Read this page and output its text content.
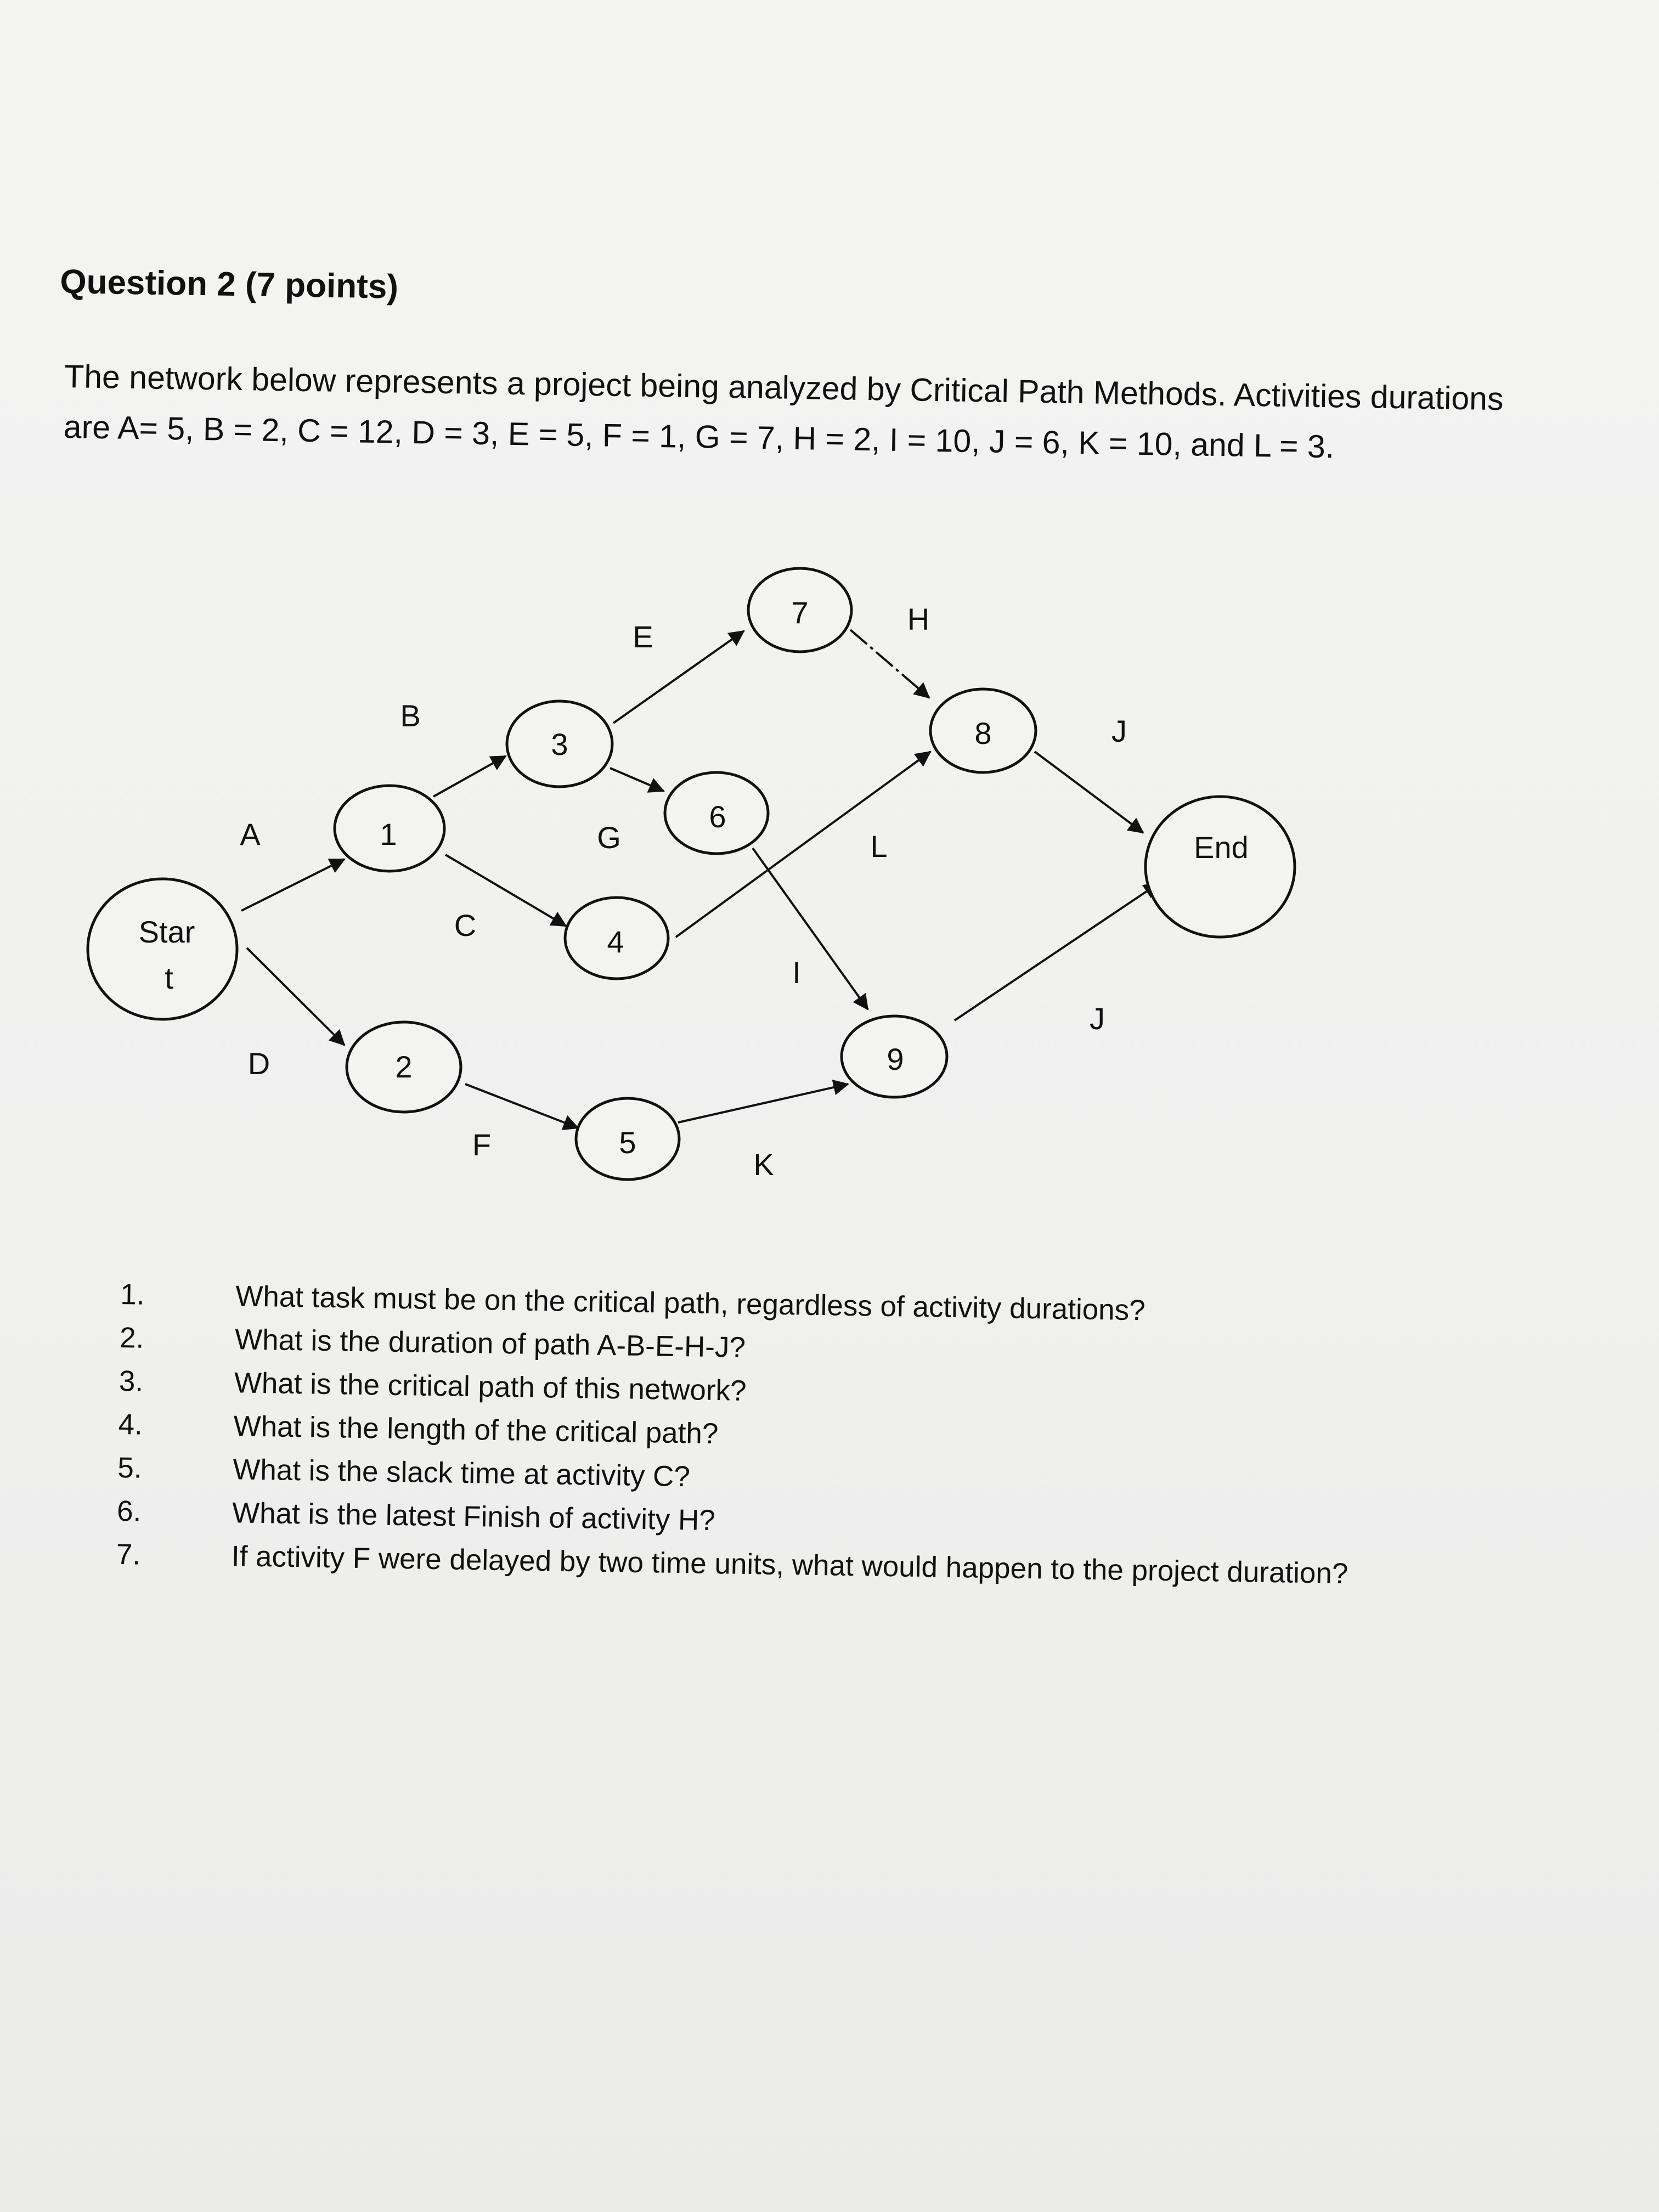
Question 2 (7 points)
The network below represents a project being analyzed by Critical Path Methods. Activities durations
are A= 5, B = 2, C = 12, D = 3, E = 5, F = 1, G = 7, H = 2, I = 10, J = 6, K = 10, and L = 3.
Star
t
1
2
3
4
5
6
7
8
9
End
A
B
C
D
E
F
G
H
I
J
J
K
L
1.	What task must be on the critical path, regardless of activity durations?
2.	What is the duration of path A-B-E-H-J?
3.	What is the critical path of this network?
4.	What is the length of the critical path?
5.	What is the slack time at activity C?
6.	What is the latest Finish of activity H?
7.	If activity F were delayed by two time units, what would happen to the project duration?
